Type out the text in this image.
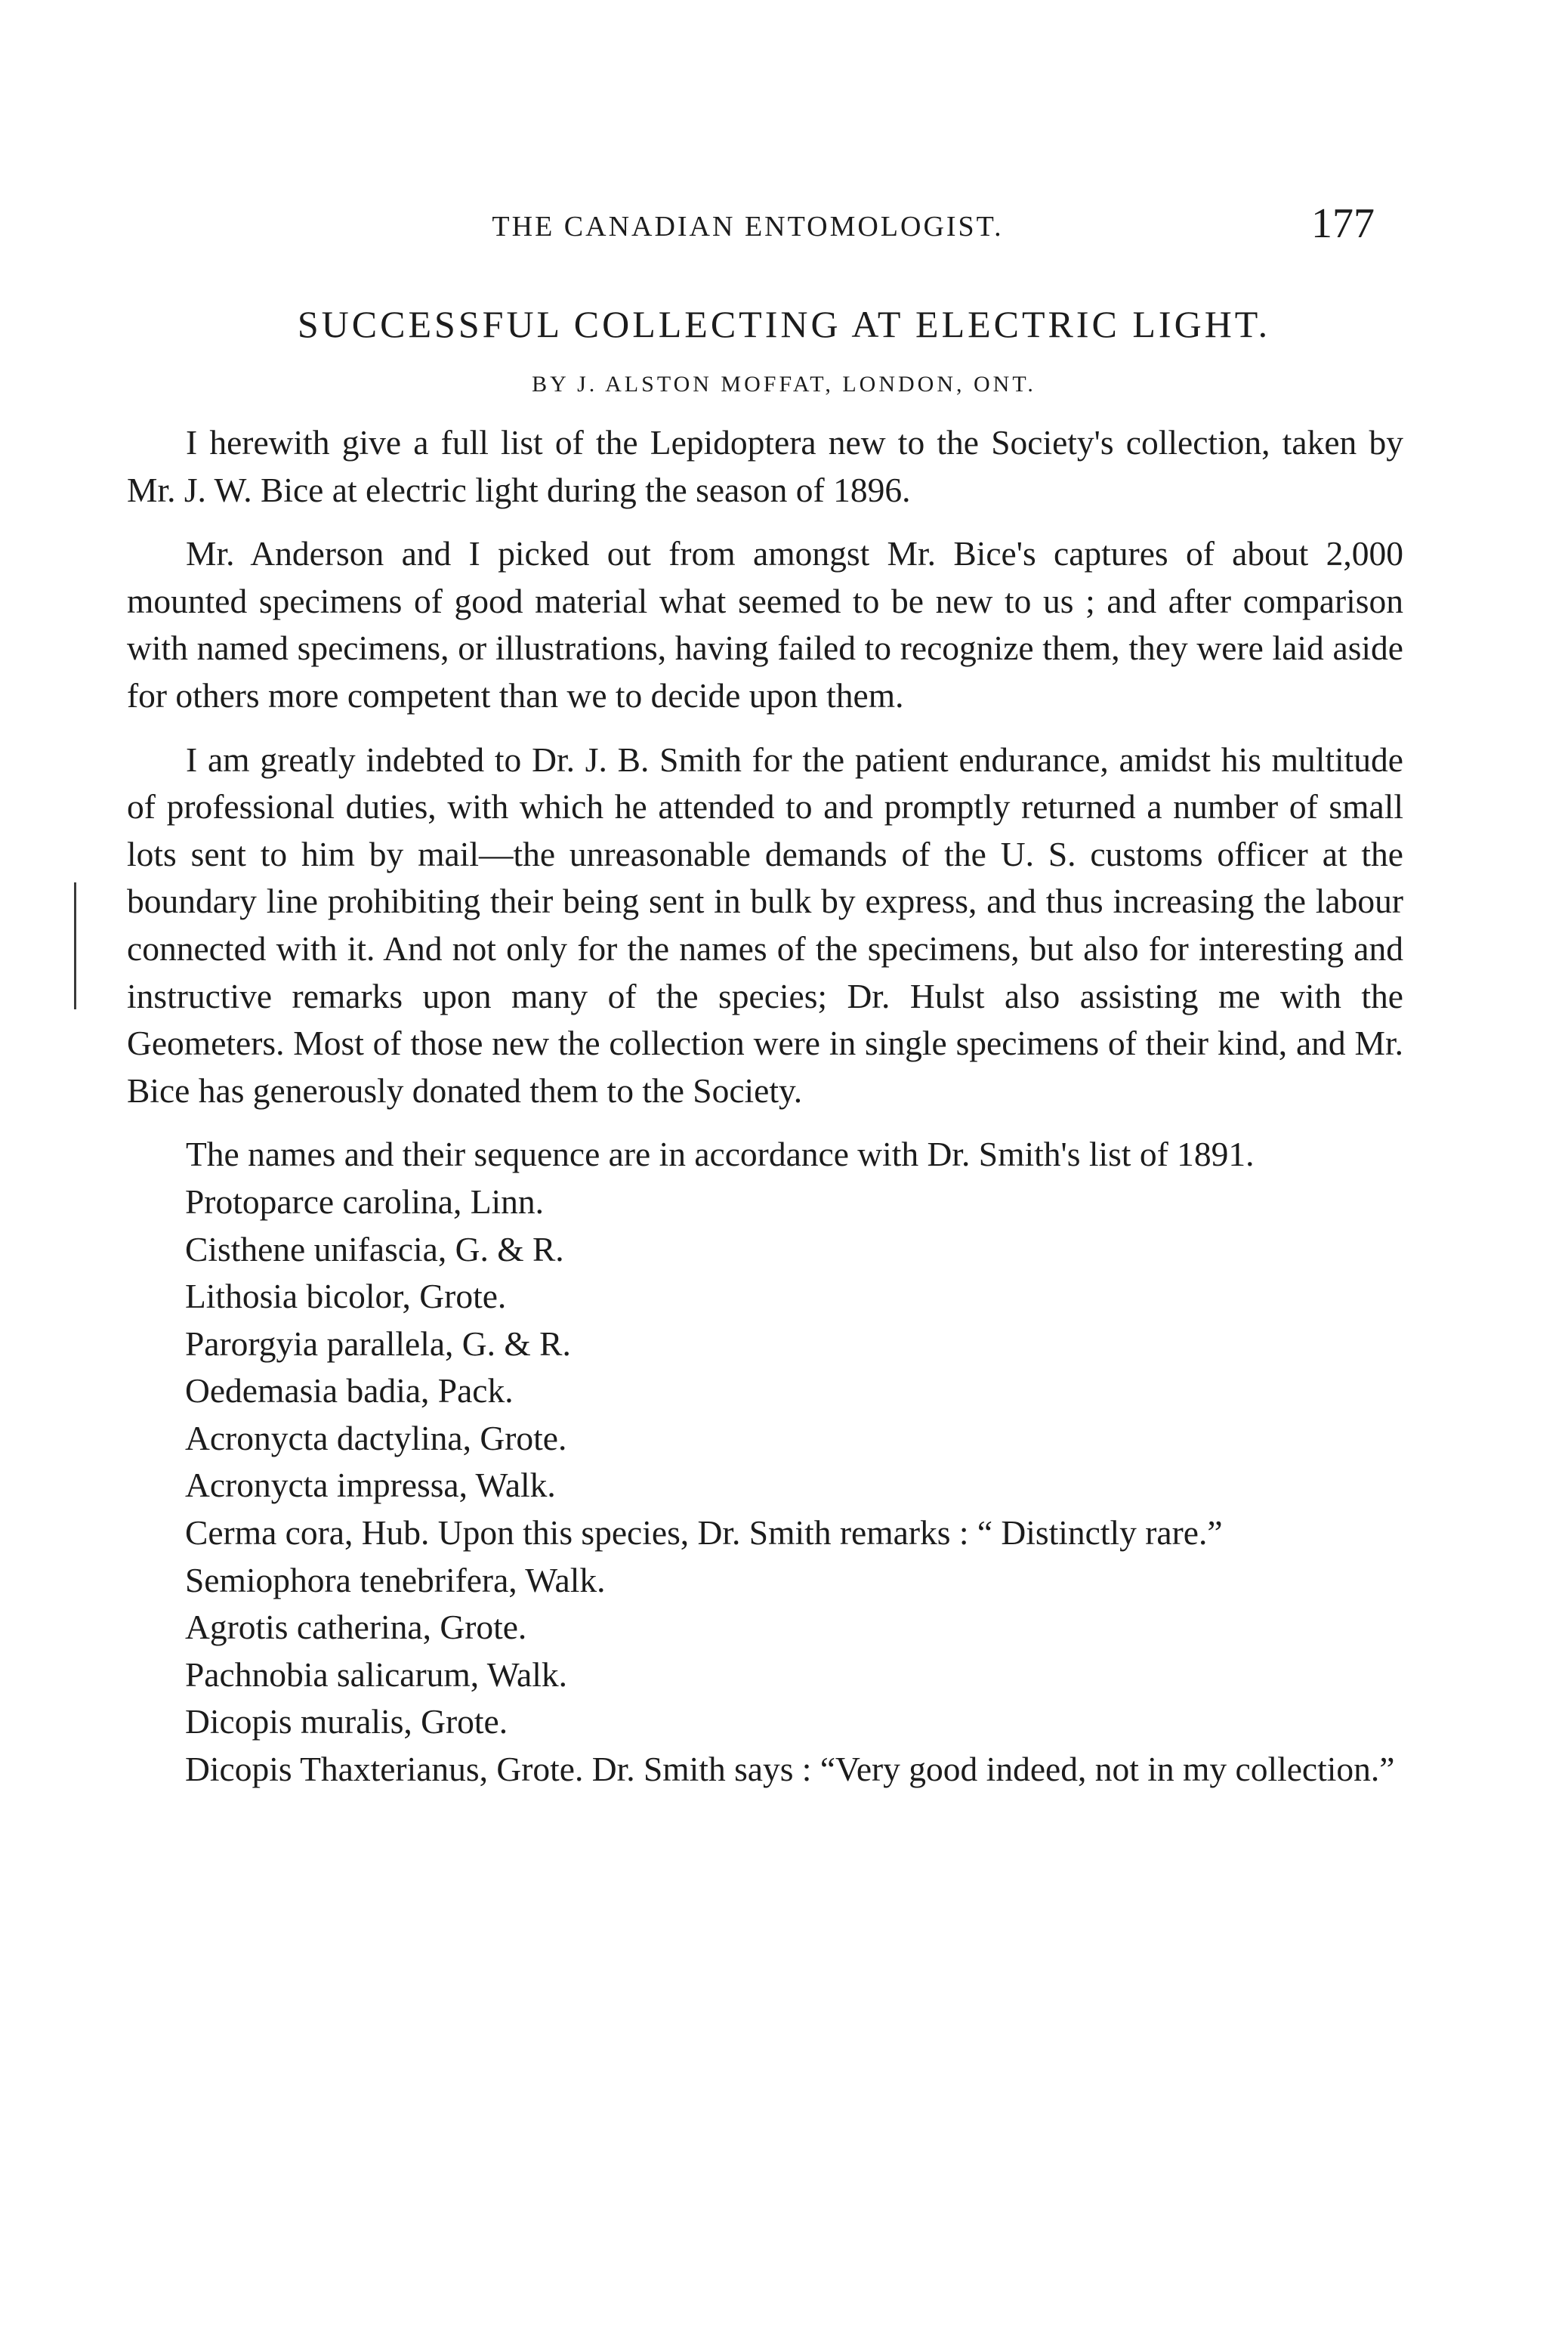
THE CANADIAN ENTOMOLOGIST.	177
SUCCESSFUL COLLECTING AT ELECTRIC LIGHT.
BY J. ALSTON MOFFAT, LONDON, ONT.

I herewith give a full list of the Lepidoptera new to the Society's collection, taken by Mr. J. W. Bice at electric light during the season of 1896.

Mr. Anderson and I picked out from amongst Mr. Bice's captures of about 2,000 mounted specimens of good material what seemed to be new to us ; and after comparison with named specimens, or illustrations, having failed to recognize them, they were laid aside for others more competent than we to decide upon them.

I am greatly indebted to Dr. J. B. Smith for the patient endurance, amidst his multitude of professional duties, with which he attended to and promptly returned a number of small lots sent to him by mail—the unreasonable demands of the U. S. customs officer at the boundary line prohibiting their being sent in bulk by express, and thus increasing the labour connected with it. And not only for the names of the specimens, but also for interesting and instructive remarks upon many of the species; Dr. Hulst also assisting me with the Geometers. Most of those new the collection were in single specimens of their kind, and Mr. Bice has generously donated them to the Society.

The names and their sequence are in accordance with Dr. Smith's list of 1891.

Protoparce carolina, Linn.
Cisthene unifascia, G. & R.
Lithosia bicolor, Grote.
Parorgyia parallela, G. & R.
Oedemasia badia, Pack.
Acronycta dactylina, Grote.
Acronycta impressa, Walk.
Cerma cora, Hub. Upon this species, Dr. Smith remarks : “ Distinctly rare.”
Semiophora tenebrifera, Walk.
Agrotis catherina, Grote.
Pachnobia salicarum, Walk.
Dicopis muralis, Grote.
Dicopis Thaxterianus, Grote. Dr. Smith says : “Very good indeed, not in my collection.”
